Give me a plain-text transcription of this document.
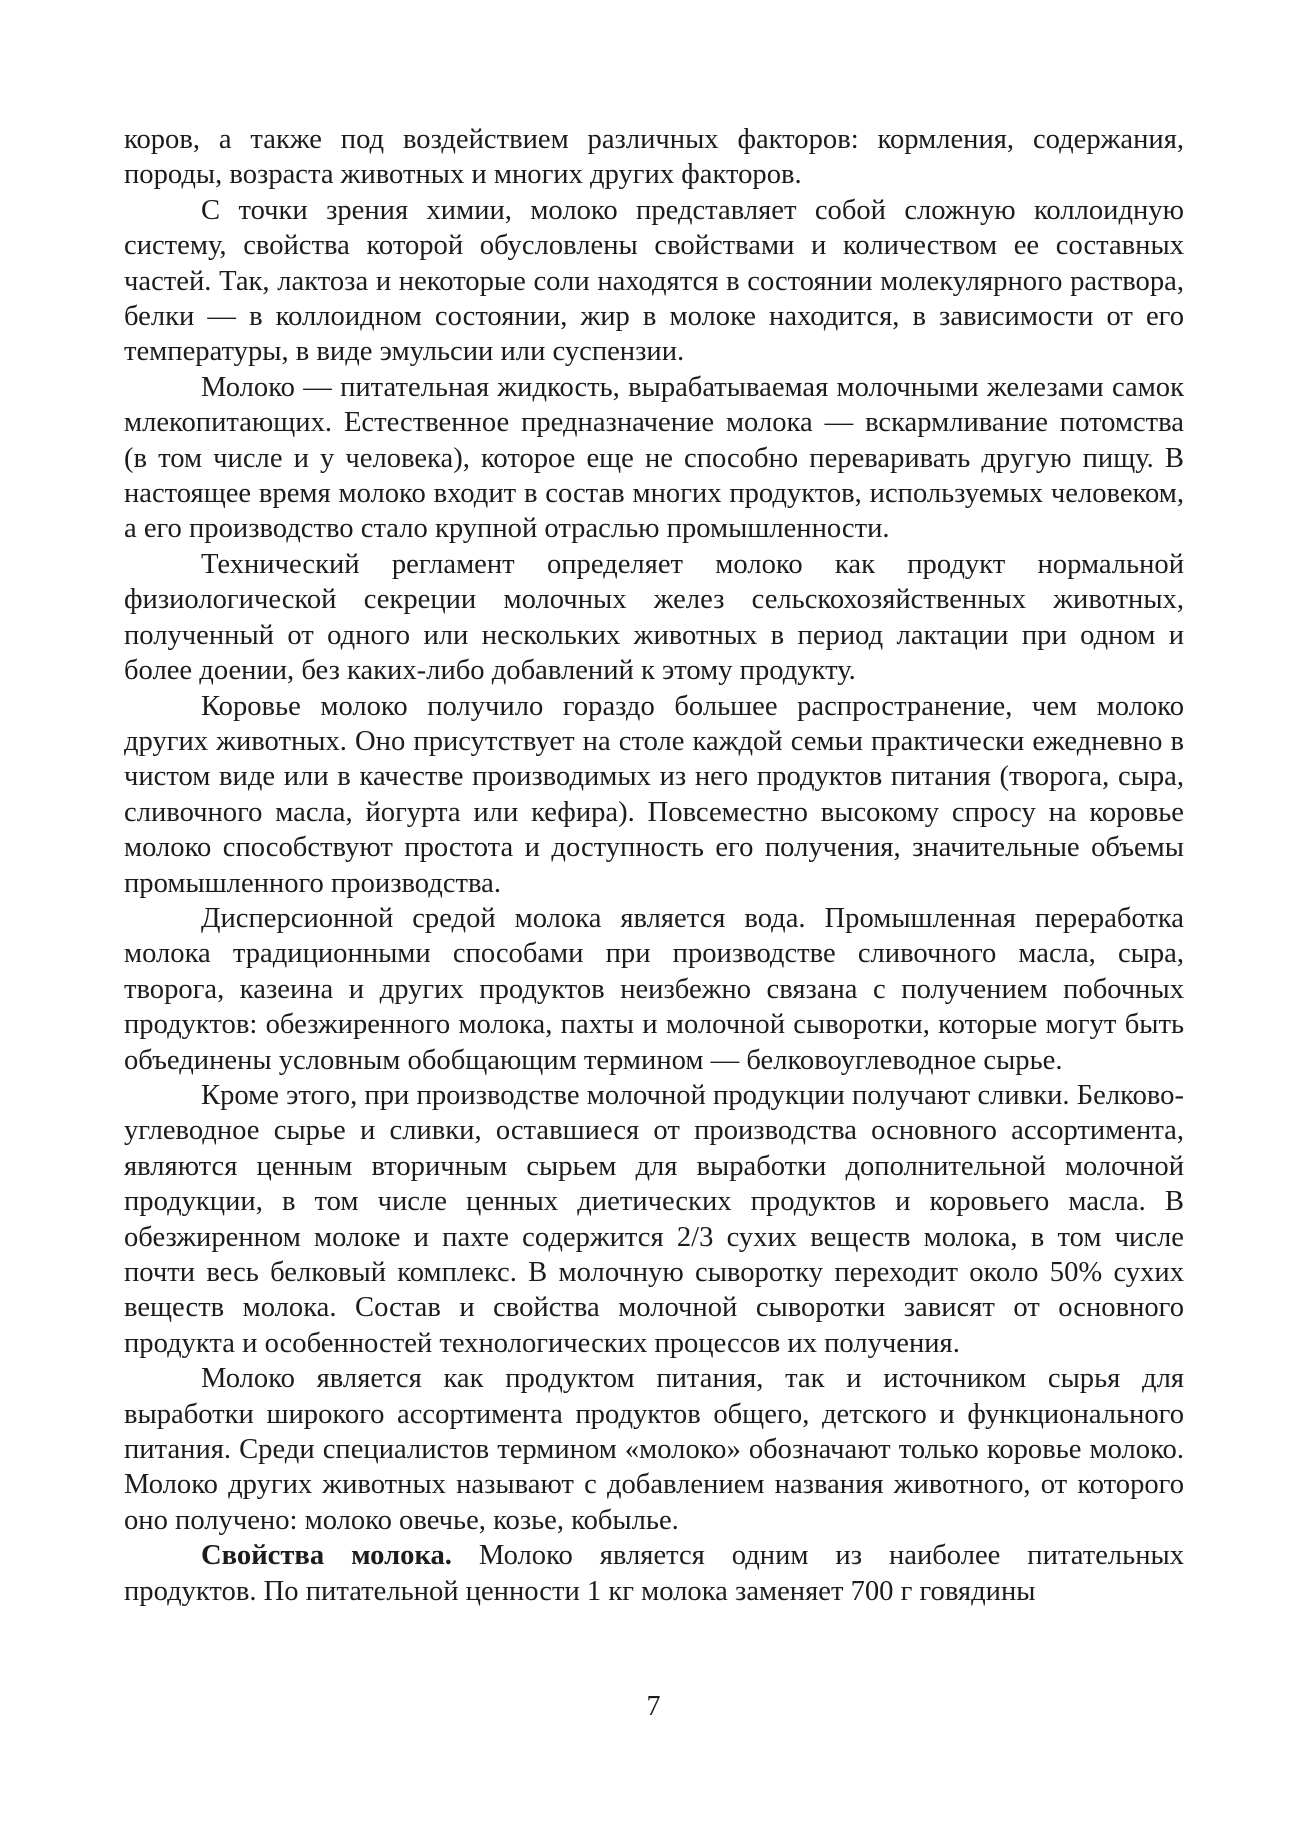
коров, а также под воздействием различных факторов: кормления, содержания, породы, возраста животных и многих других факторов.

С точки зрения химии, молоко представляет собой сложную коллоидную систему, свойства которой обусловлены свойствами и количеством ее составных частей. Так, лактоза и некоторые соли находятся в состоянии молекулярного раствора, белки — в коллоидном состоянии, жир в молоке находится, в зависимости от его температуры, в виде эмульсии или суспензии.

Молоко — питательная жидкость, вырабатываемая молочными железами самок млекопитающих. Естественное предназначение молока — вскармливание потомства (в том числе и у человека), которое еще не способно переваривать другую пищу. В настоящее время молоко входит в состав многих продуктов, используемых человеком, а его производство стало крупной отраслью промышленности.

Технический регламент определяет молоко как продукт нормальной физиологической секреции молочных желез сельскохозяйственных животных, полученный от одного или нескольких животных в период лактации при одном и более доении, без каких-либо добавлений к этому продукту.

Коровье молоко получило гораздо большее распространение, чем молоко других животных. Оно присутствует на столе каждой семьи практически ежедневно в чистом виде или в качестве производимых из него продуктов питания (творога, сыра, сливочного масла, йогурта или кефира). Повсеместно высокому спросу на коровье молоко способствуют простота и доступность его получения, значительные объемы промышленного производства.

Дисперсионной средой молока является вода. Промышленная переработка молока традиционными способами при производстве сливочного масла, сыра, творога, казеина и других продуктов неизбежно связана с получением побочных продуктов: обезжиренного молока, пахты и молочной сыворотки, которые могут быть объединены условным обобщающим термином — белковоуглеводное сырье.

Кроме этого, при производстве молочной продукции получают сливки. Белково-углеводное сырье и сливки, оставшиеся от производства основного ассортимента, являются ценным вторичным сырьем для выработки дополнительной молочной продукции, в том числе ценных диетических продуктов и коровьего масла. В обезжиренном молоке и пахте содержится 2/3 сухих веществ молока, в том числе почти весь белковый комплекс. В молочную сыворотку переходит около 50% сухих веществ молока. Состав и свойства молочной сыворотки зависят от основного продукта и особенностей технологических процессов их получения.

Молоко является как продуктом питания, так и источником сырья для выработки широкого ассортимента продуктов общего, детского и функционального питания. Среди специалистов термином «молоко» обозначают только коровье молоко. Молоко других животных называют с добавлением названия животного, от которого оно получено: молоко овечье, козье, кобылье.

Свойства молока. Молоко является одним из наиболее питательных продуктов. По питательной ценности 1 кг молока заменяет 700 г говядины

7
